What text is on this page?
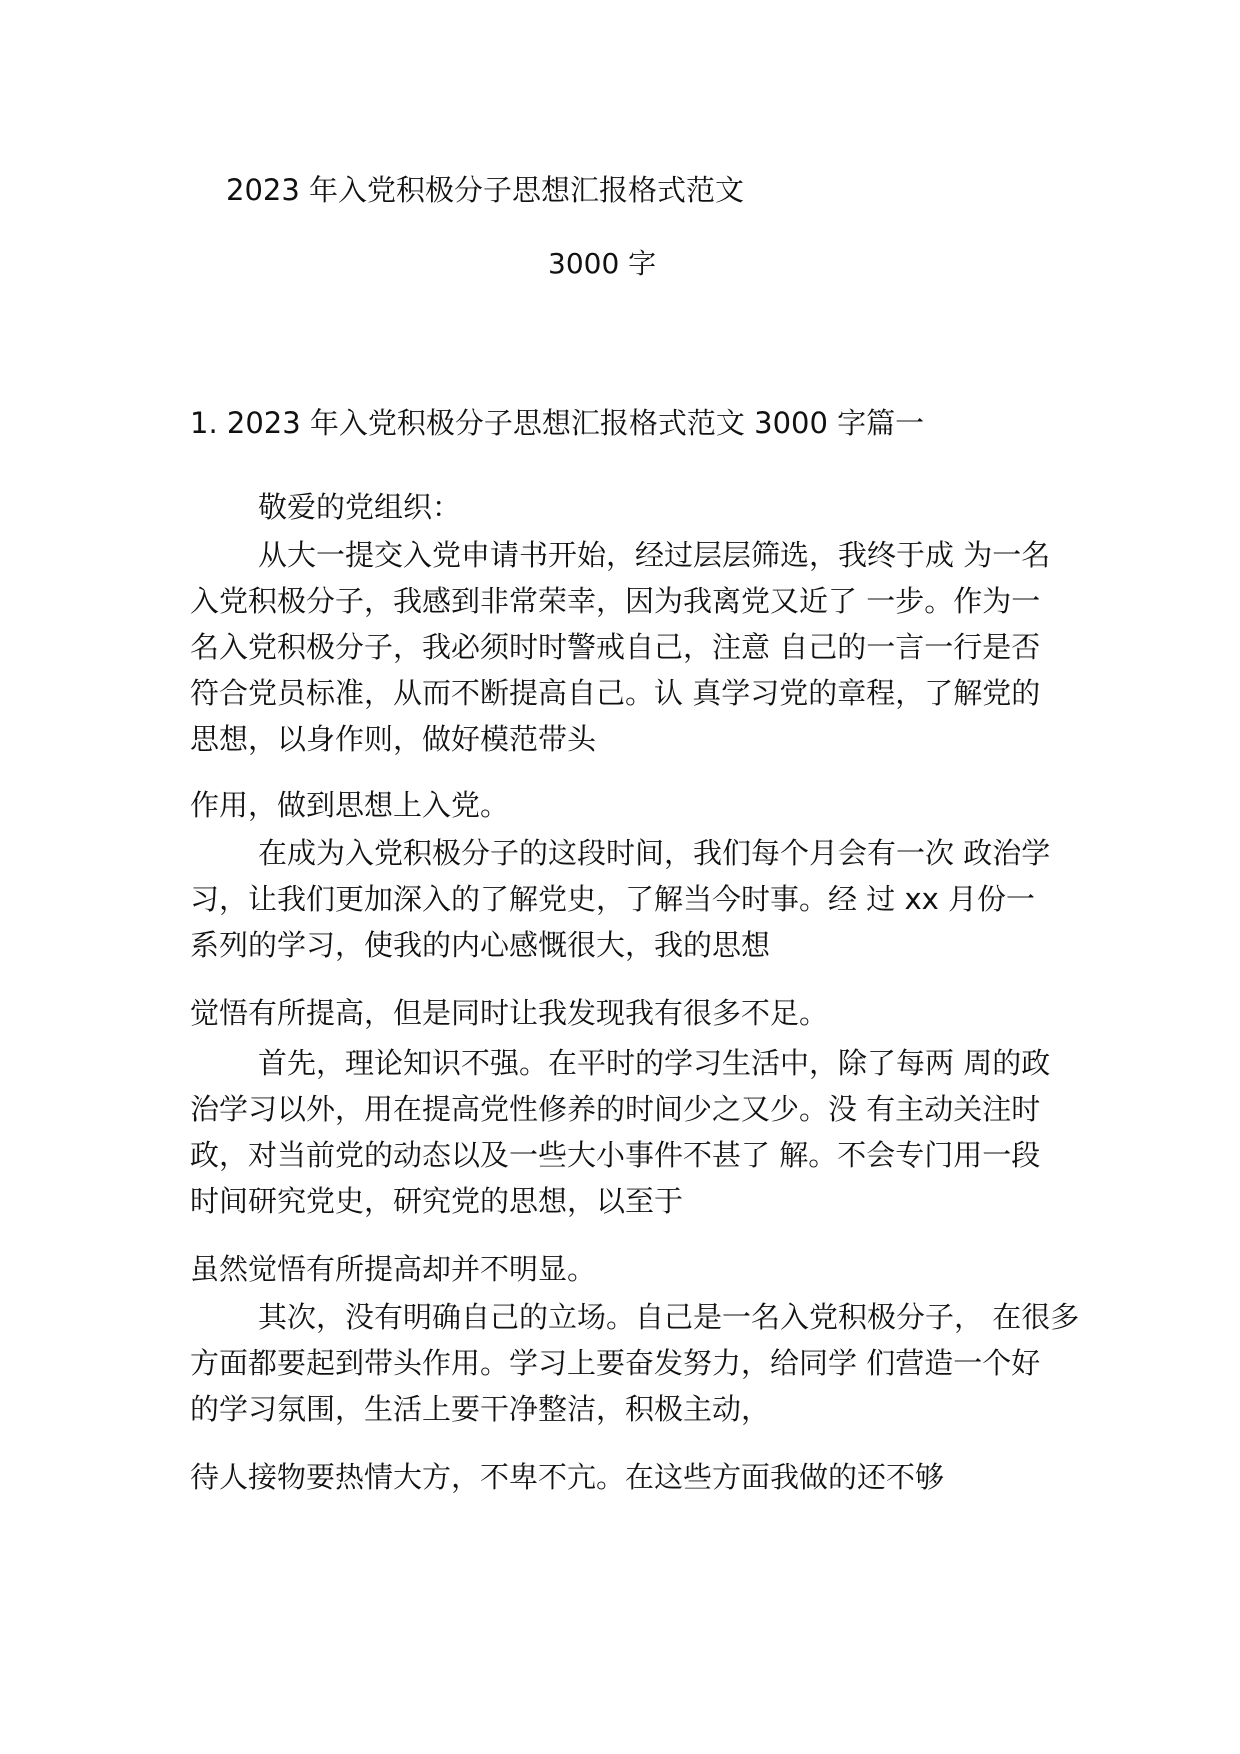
2023 年入党积极分子思想汇报格式范文
3000 字
1. 2023 年入党积极分子思想汇报格式范文 3000 字篇一
敬爱的党组织：
从大一提交入党申请书开始，经过层层筛选，我终于成 为一名
入党积极分子，我感到非常荣幸，因为我离党又近了 一步。作为一
名入党积极分子，我必须时时警戒自己，注意 自己的一言一行是否
符合党员标准，从而不断提高自己。认 真学习党的章程，了解党的
思想，以身作则，做好模范带头
作用，做到思想上入党。
在成为入党积极分子的这段时间，我们每个月会有一次 政治学
习，让我们更加深入的了解党史，了解当今时事。经 过 xx 月份一
系列的学习，使我的内心感慨很大，我的思想
觉悟有所提高，但是同时让我发现我有很多不足。
首先，理论知识不强。在平时的学习生活中，除了每两 周的政
治学习以外，用在提高党性修养的时间少之又少。没 有主动关注时
政，对当前党的动态以及一些大小事件不甚了 解。不会专门用一段
时间研究党史，研究党的思想，以至于
虽然觉悟有所提高却并不明显。
其次，没有明确自己的立场。自己是一名入党积极分子， 在很多
方面都要起到带头作用。学习上要奋发努力，给同学 们营造一个好
的学习氛围，生活上要干净整洁，积极主动，
待人接物要热情大方，不卑不亢。在这些方面我做的还不够
